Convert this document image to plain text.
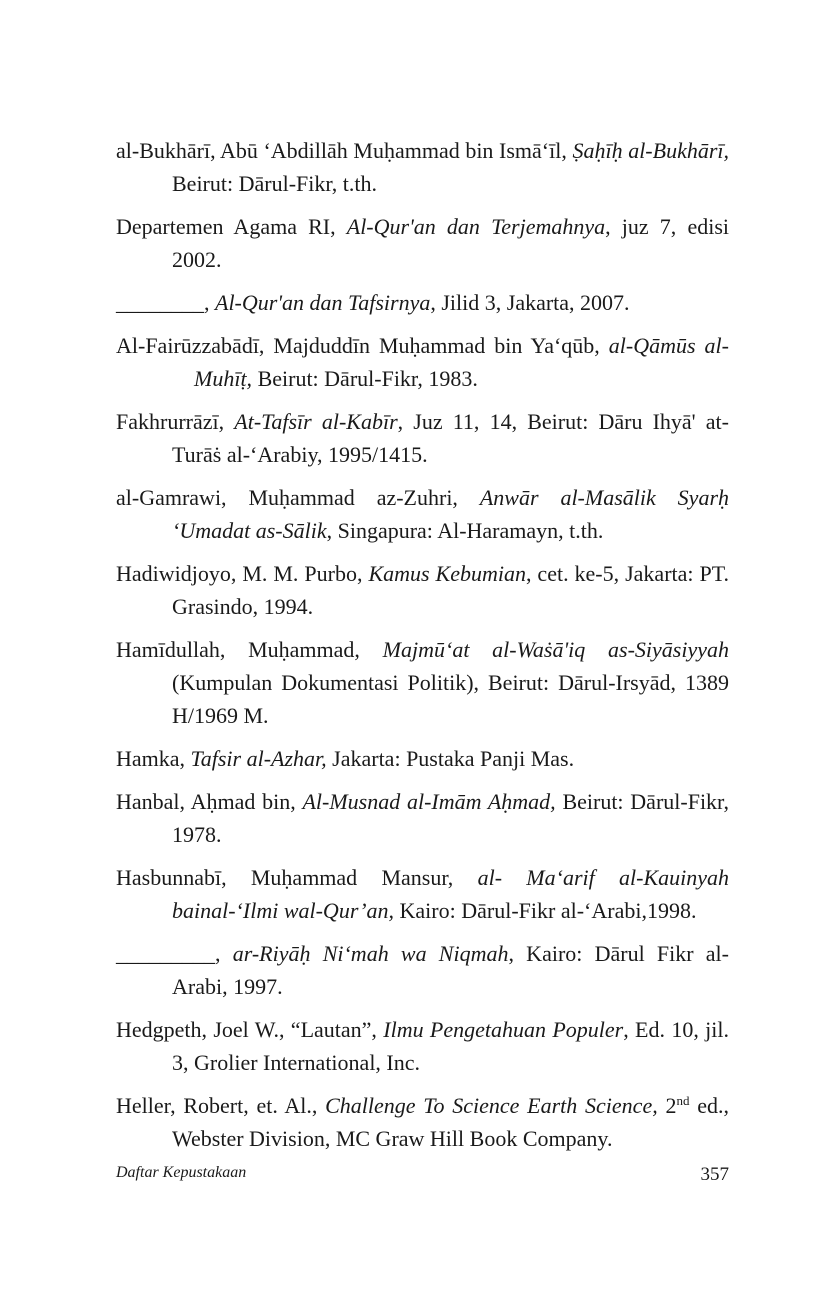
al-Bukhārī, Abū ‘Abdillāh Muḥammad bin Ismā‘īl, Ṣaḥīḥ al-Bukhārī, Beirut: Dārul-Fikr, t.th.

Departemen Agama RI, Al-Qur'an dan Terjemahnya, juz 7, edisi 2002.

________, Al-Qur'an dan Tafsirnya, Jilid 3, Jakarta, 2007.

Al-Fairūzzabādī, Majduddīn Muḥammad bin Ya‘qūb, al-Qāmūs al-Muhīṭ, Beirut: Dārul-Fikr, 1983.

Fakhrurrāzī, At-Tafsīr al-Kabīr, Juz 11, 14, Beirut: Dāru Ihyā' at-Turāṡ al-‘Arabiy, 1995/1415.

al-Gamrawi, Muḥammad az-Zuhri, Anwār al-Masālik Syarḥ ‘Umadat as-Sālik, Singapura: Al-Haramayn, t.th.

Hadiwidjoyo, M. M. Purbo, Kamus Kebumian, cet. ke-5, Jakarta: PT. Grasindo, 1994.

Hamīdullah, Muḥammad, Majmū‘at al-Waṡā'iq as-Siyāsiyyah (Kumpulan Dokumentasi Politik), Beirut: Dārul-Irsyād, 1389 H/1969 M.

Hamka, Tafsir al-Azhar, Jakarta: Pustaka Panji Mas.

Hanbal, Aḥmad bin, Al-Musnad al-Imām Aḥmad, Beirut: Dārul-Fikr, 1978.

Hasbunnabī, Muḥammad Mansur, al- Ma‘arif al-Kauinyah bainal-‘Ilmi wal-Qur’an, Kairo: Dārul-Fikr al-‘Arabi,1998.

_________, ar-Riyāḥ Ni‘mah wa Niqmah, Kairo: Dārul Fikr al-Arabi, 1997.

Hedgpeth, Joel W., “Lautan”, Ilmu Pengetahuan Populer, Ed. 10, jil. 3, Grolier International, Inc.

Heller, Robert, et. Al., Challenge To Science Earth Science, 2nd ed., Webster Division, MC Graw Hill Book Company.

Daftar Kepustakaan	357
